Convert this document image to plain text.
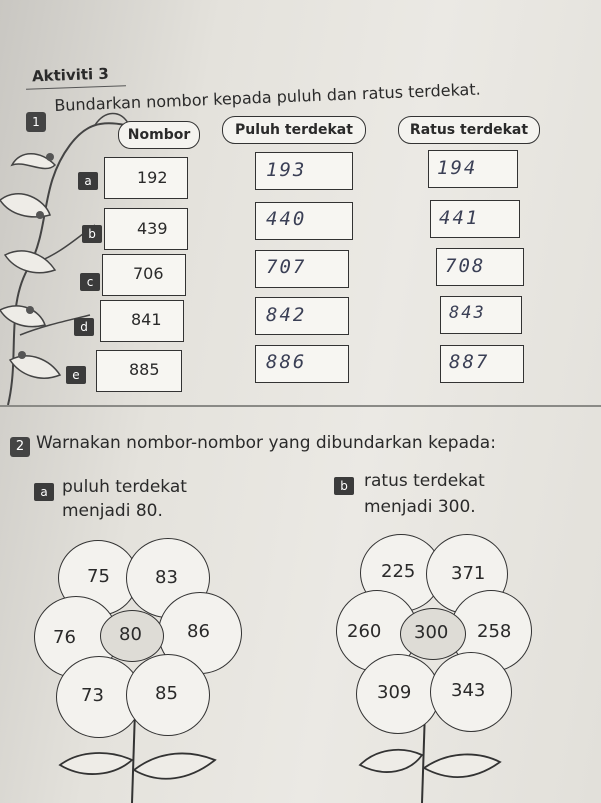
Aktiviti 3
1
Bundarkan nombor kepada puluh dan ratus terdekat.
Nombor	Puluh terdekat	Ratus terdekat
a	192	193	194
b	439	440	441
c	706	707	708
d	841	842	843
e	885	886	887
2 Warnakan nombor-nombor yang dibundarkan kepada:
a puluh terdekat
menjadi 80.
b ratus terdekat
menjadi 300.
75	83
76	86
73	85
80
225 371
260	258
309 343
300
